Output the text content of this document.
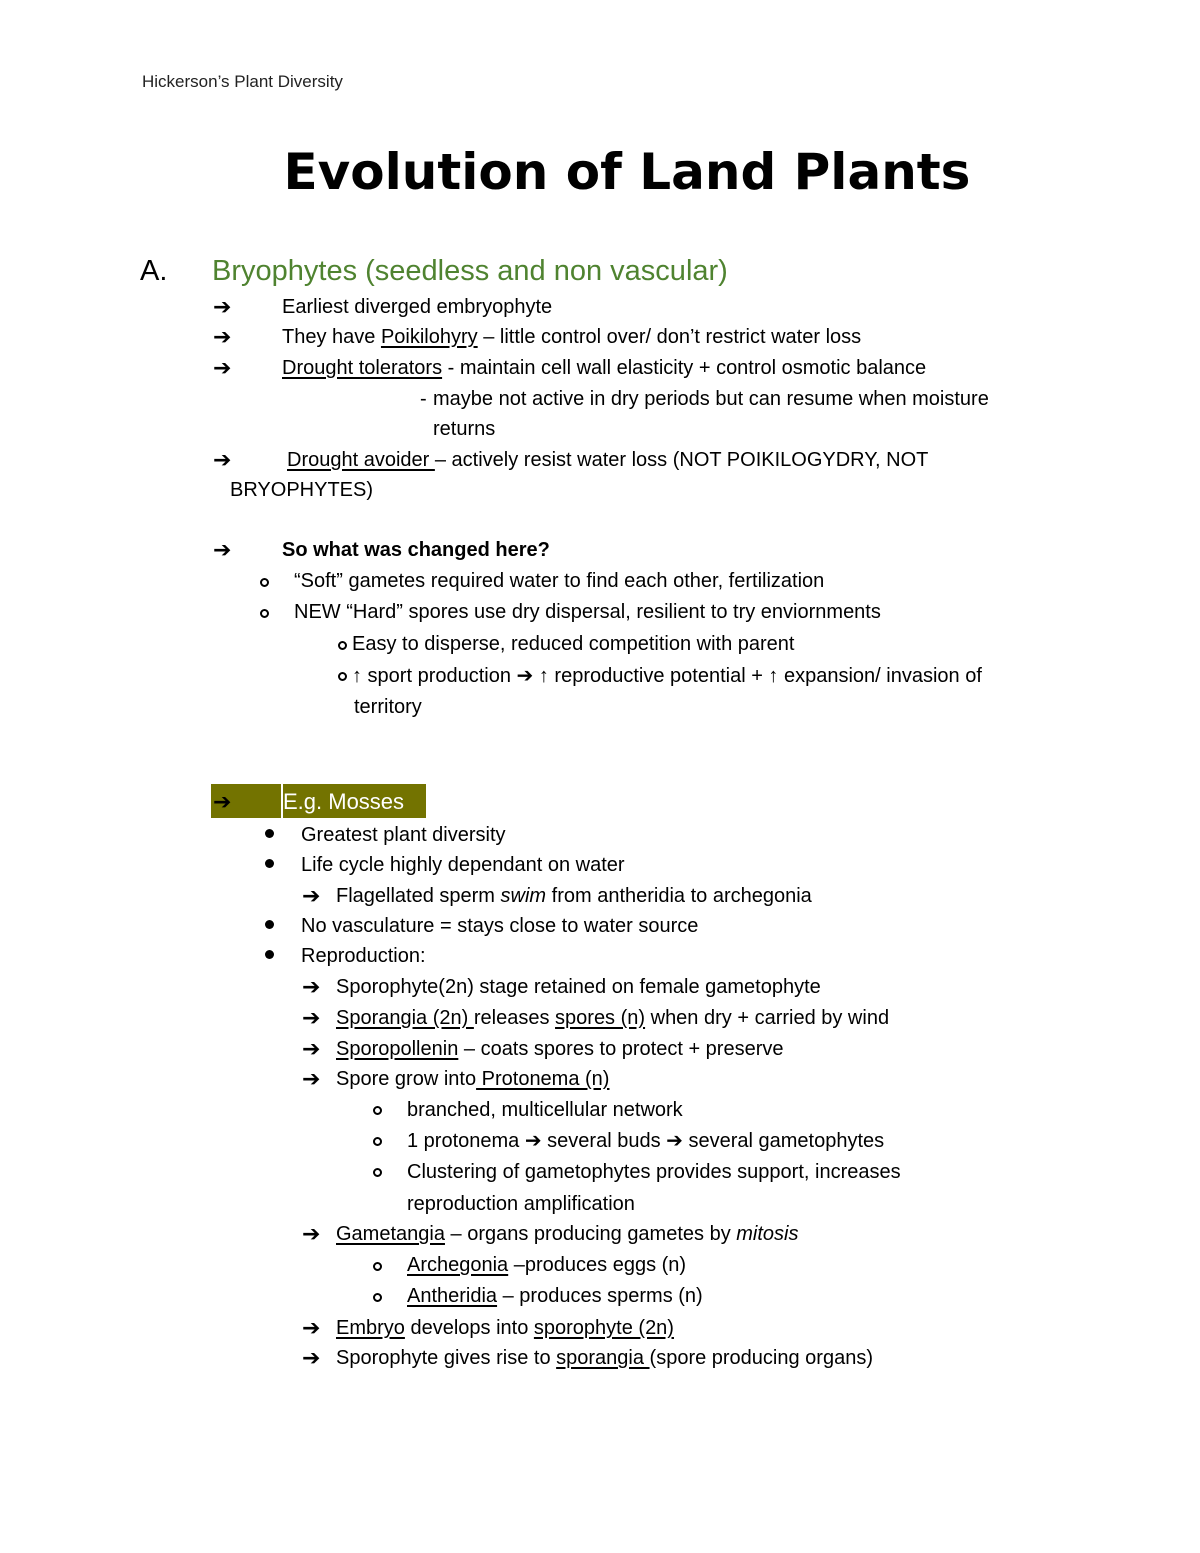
Hickerson’s Plant Diversity
Evolution of Land Plants
A. Bryophytes (seedless and non vascular)
➔	Earliest diverged embryophyte
➔	They have Poikilohyry – little control over/ don’t restrict water loss
➔	Drought tolerators - maintain cell wall elasticity + control osmotic balance
- maybe not active in dry periods but can resume when moisture
returns
➔	Drought avoider – actively resist water loss (NOT POIKILOGYDRY, NOT
BRYOPHYTES)
➔	So what was changed here?
“Soft” gametes required water to find each other, fertilization
NEW “Hard” spores use dry dispersal, resilient to try enviornments
Easy to disperse, reduced competition with parent
↑ sport production ➔ ↑ reproductive potential + ↑ expansion/ invasion of
territory
➔ E.g. Mosses
Greatest plant diversity
Life cycle highly dependant on water
➔ Flagellated sperm swim from antheridia to archegonia
No vasculature = stays close to water source
Reproduction:
➔ Sporophyte(2n) stage retained on female gametophyte
➔ Sporangia (2n) releases spores (n) when dry + carried by wind
➔ Sporopollenin – coats spores to protect + preserve
➔ Spore grow into Protonema (n)
branched, multicellular network
1 protonema ➔ several buds ➔ several gametophytes
Clustering of gametophytes provides support, increases
reproduction amplification
➔ Gametangia – organs producing gametes by mitosis
Archegonia –produces eggs (n)
Antheridia – produces sperms (n)
➔ Embryo develops into sporophyte (2n)
➔ Sporophyte gives rise to sporangia (spore producing organs)
